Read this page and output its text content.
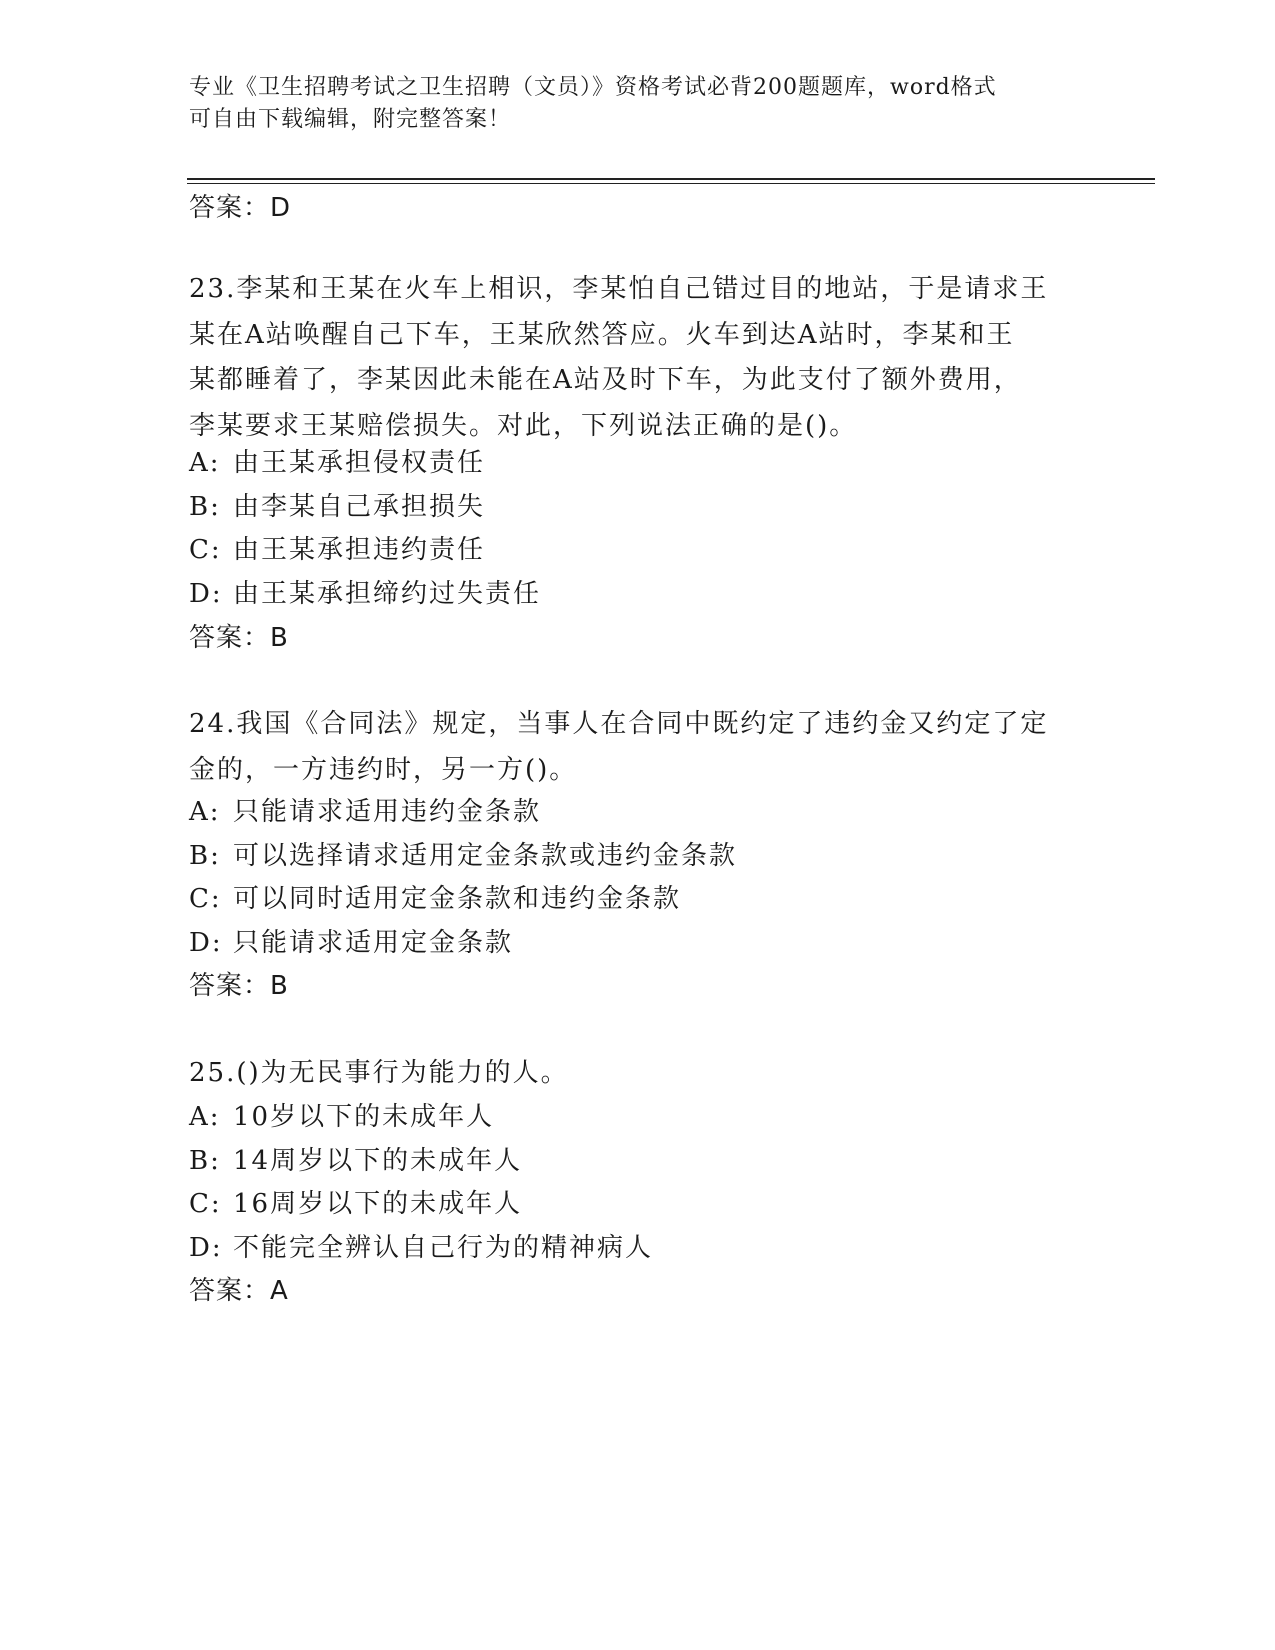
专业《卫生招聘考试之卫生招聘（文员）》资格考试必背200题题库，word格式
可自由下载编辑，附完整答案！
答案：D
23.李某和王某在火车上相识，李某怕自己错过目的地站，于是请求王
某在A站唤醒自己下车，王某欣然答应。火车到达A站时，李某和王
某都睡着了，李某因此未能在A站及时下车，为此支付了额外费用，
李某要求王某赔偿损失。对此，下列说法正确的是()。
A: 由王某承担侵权责任
B: 由李某自己承担损失
C: 由王某承担违约责任
D: 由王某承担缔约过失责任
答案：B
24.我国《合同法》规定，当事人在合同中既约定了违约金又约定了定
金的，一方违约时，另一方()。
A: 只能请求适用违约金条款
B: 可以选择请求适用定金条款或违约金条款
C: 可以同时适用定金条款和违约金条款
D: 只能请求适用定金条款
答案：B
25.()为无民事行为能力的人。
A: 10岁以下的未成年人
B: 14周岁以下的未成年人
C: 16周岁以下的未成年人
D: 不能完全辨认自己行为的精神病人
答案：A
